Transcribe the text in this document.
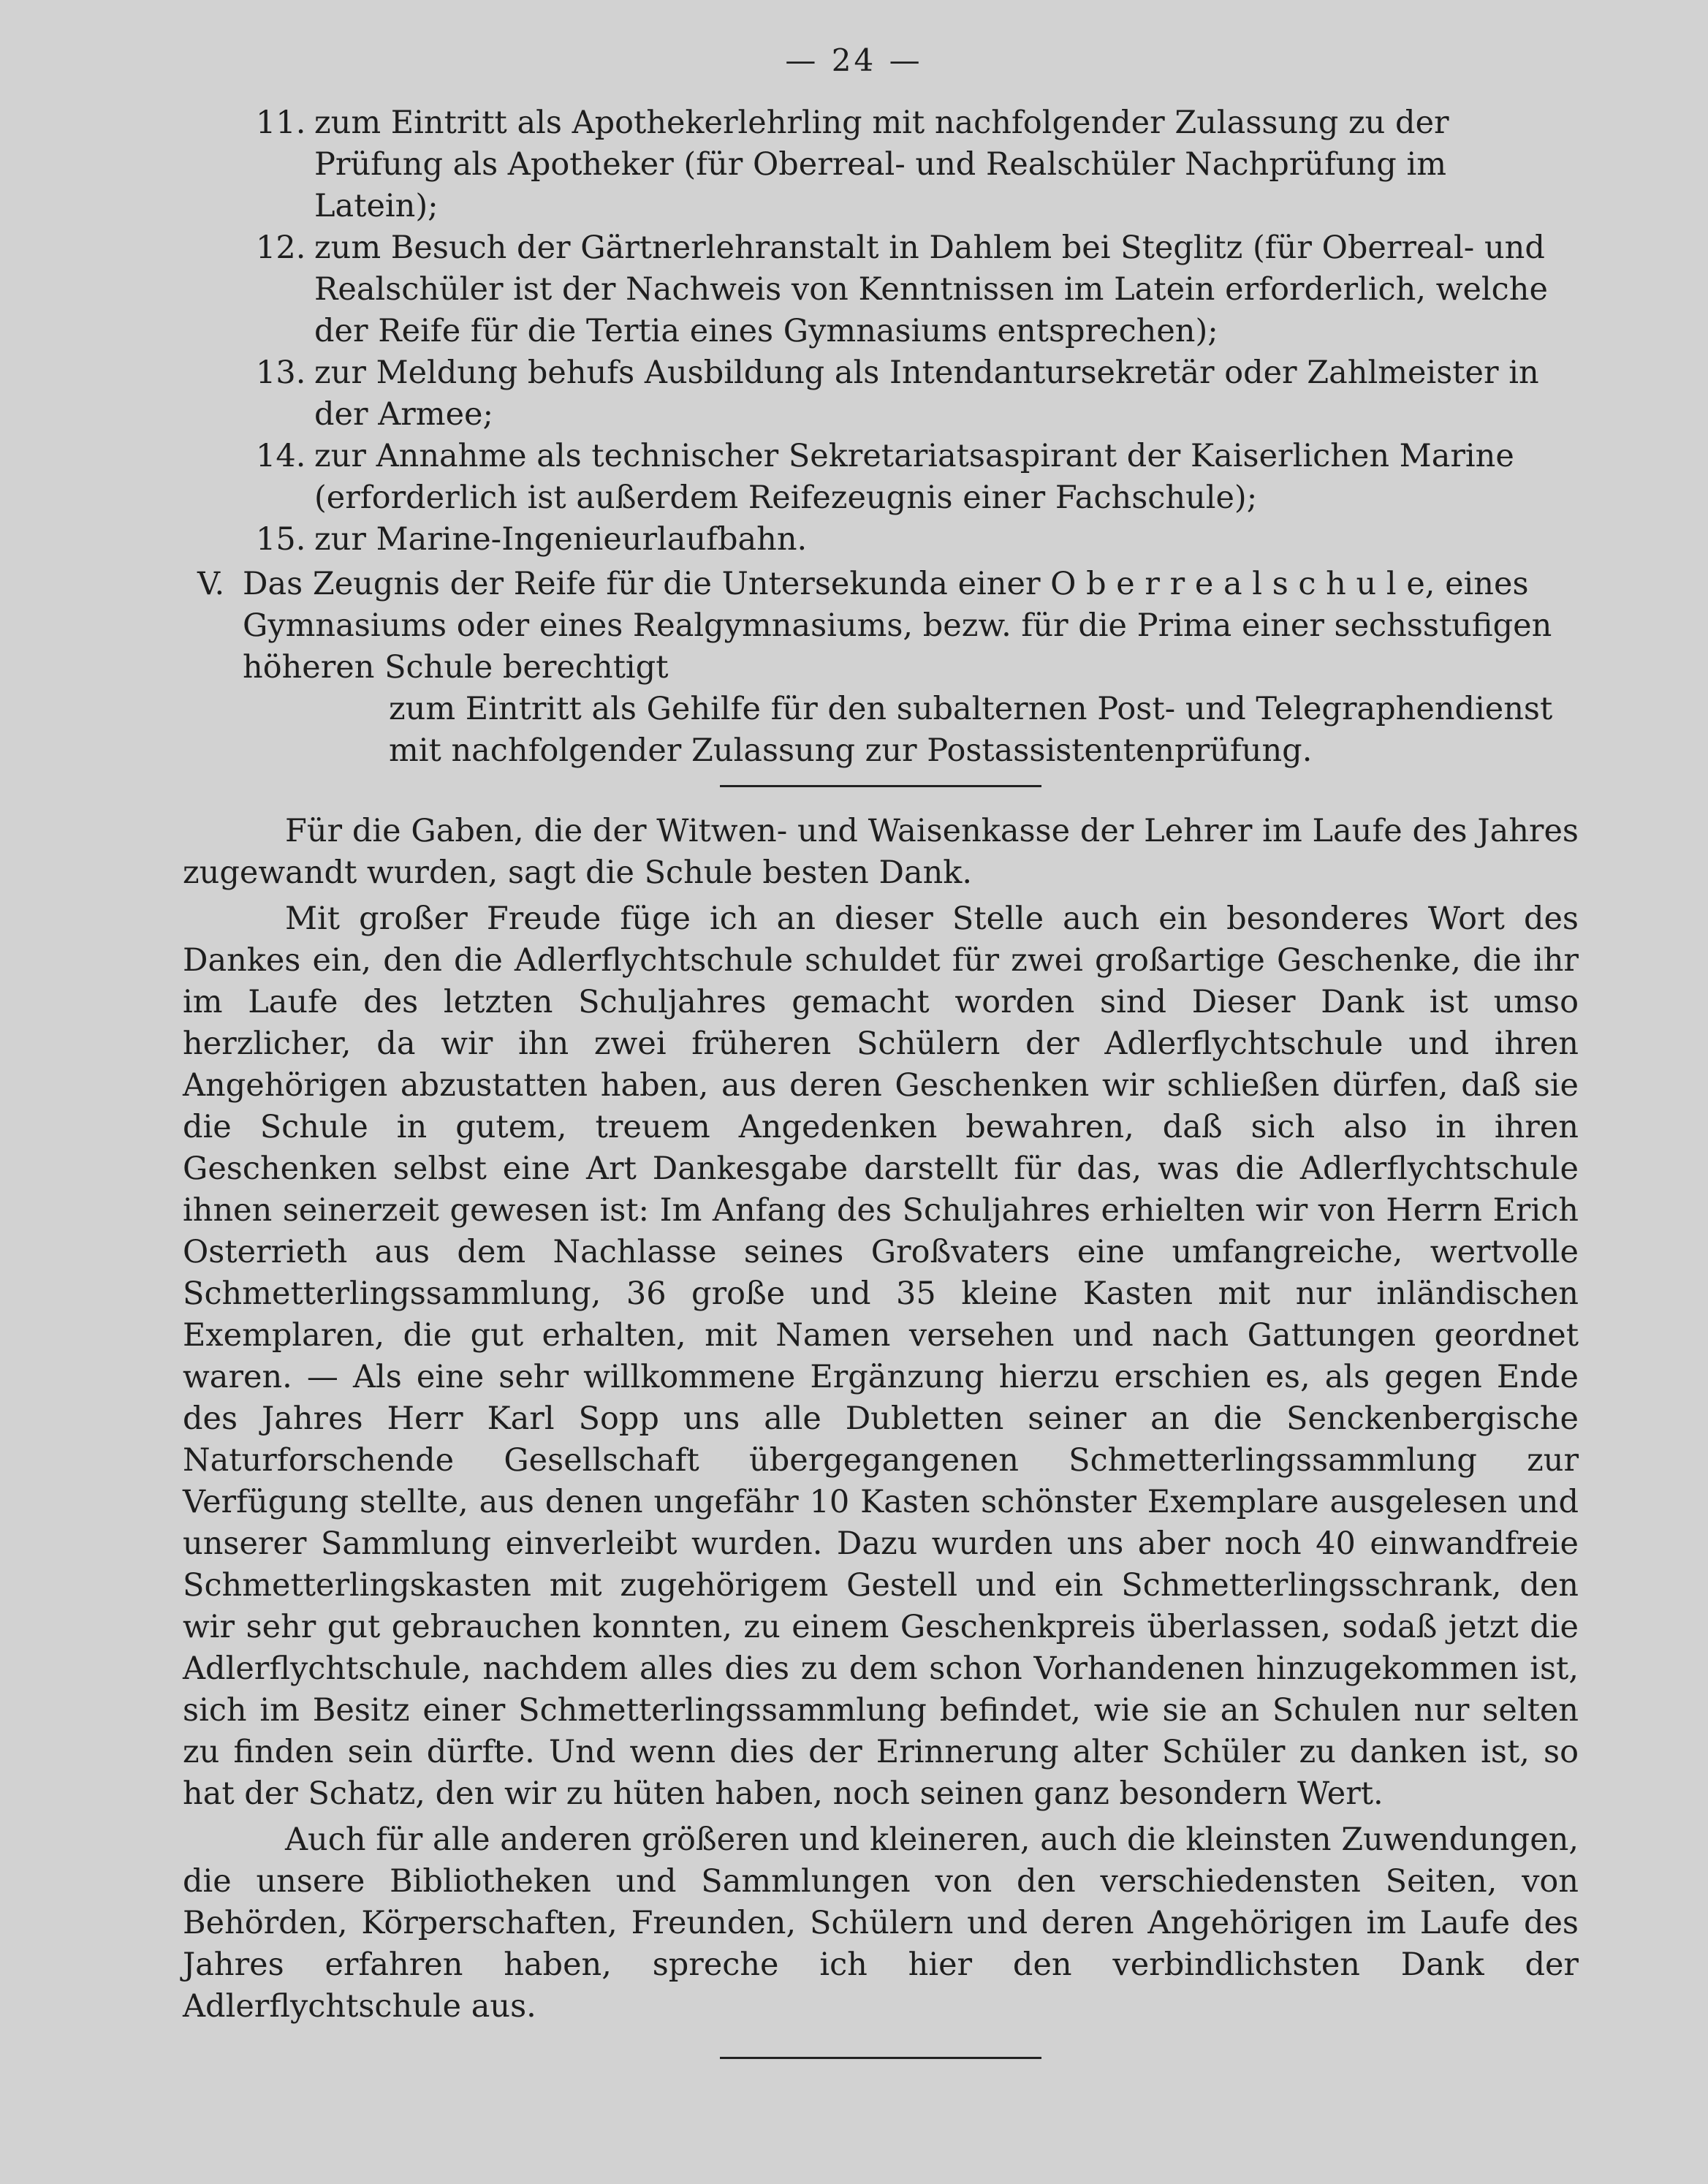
— 24 —
11. zum Eintritt als Apothekerlehrling mit nachfolgender Zulassung zu der Prüfung als Apotheker (für Oberreal- und Realschüler Nachprüfung im Latein);
12. zum Besuch der Gärtnerlehranstalt in Dahlem bei Steglitz (für Oberreal- und Realschüler ist der Nachweis von Kenntnissen im Latein erforderlich, welche der Reife für die Tertia eines Gymnasiums entsprechen);
13. zur Meldung behufs Ausbildung als Intendantursekretär oder Zahlmeister in der Armee;
14. zur Annahme als technischer Sekretariatsaspirant der Kaiserlichen Marine (erforderlich ist außerdem Reifezeugnis einer Fachschule);
15. zur Marine-Ingenieurlaufbahn.
V. Das Zeugnis der Reife für die Untersekunda einer O b e r r e a l s c h u l e, eines Gymnasiums oder eines Realgymnasiums, bezw. für die Prima einer sechsstufigen höheren Schule berechtigt
zum Eintritt als Gehilfe für den subalternen Post- und Telegraphendienst mit nachfolgender Zulassung zur Postassistentenprüfung.

Für die Gaben, die der Witwen- und Waisenkasse der Lehrer im Laufe des Jahres zugewandt wurden, sagt die Schule besten Dank.

Mit großer Freude füge ich an dieser Stelle auch ein besonderes Wort des Dankes ein, den die Adlerflychtschule schuldet für zwei großartige Geschenke, die ihr im Laufe des letzten Schuljahres gemacht worden sind Dieser Dank ist umso herzlicher, da wir ihn zwei früheren Schülern der Adlerflychtschule und ihren Angehörigen abzustatten haben, aus deren Geschenken wir schließen dürfen, daß sie die Schule in gutem, treuem Angedenken bewahren, daß sich also in ihren Geschenken selbst eine Art Dankesgabe darstellt für das, was die Adlerflychtschule ihnen seinerzeit gewesen ist: Im Anfang des Schuljahres erhielten wir von Herrn Erich Osterrieth aus dem Nachlasse seines Großvaters eine umfangreiche, wertvolle Schmetterlingssammlung, 36 große und 35 kleine Kasten mit nur inländischen Exemplaren, die gut erhalten, mit Namen versehen und nach Gattungen geordnet waren. — Als eine sehr willkommene Ergänzung hierzu erschien es, als gegen Ende des Jahres Herr Karl Sopp uns alle Dubletten seiner an die Senckenbergische Naturforschende Gesellschaft übergegangenen Schmetterlingssammlung zur Verfügung stellte, aus denen ungefähr 10 Kasten schönster Exemplare ausgelesen und unserer Sammlung einverleibt wurden. Dazu wurden uns aber noch 40 einwandfreie Schmetterlingskasten mit zugehörigem Gestell und ein Schmetterlingsschrank, den wir sehr gut gebrauchen konnten, zu einem Geschenkpreis überlassen, sodaß jetzt die Adlerflychtschule, nachdem alles dies zu dem schon Vorhandenen hinzugekommen ist, sich im Besitz einer Schmetterlingssammlung befindet, wie sie an Schulen nur selten zu finden sein dürfte. Und wenn dies der Erinnerung alter Schüler zu danken ist, so hat der Schatz, den wir zu hüten haben, noch seinen ganz besondern Wert.

Auch für alle anderen größeren und kleineren, auch die kleinsten Zuwendungen, die unsere Bibliotheken und Sammlungen von den verschiedensten Seiten, von Behörden, Körperschaften, Freunden, Schülern und deren Angehörigen im Laufe des Jahres erfahren haben, spreche ich hier den verbindlichsten Dank der Adlerflychtschule aus.
